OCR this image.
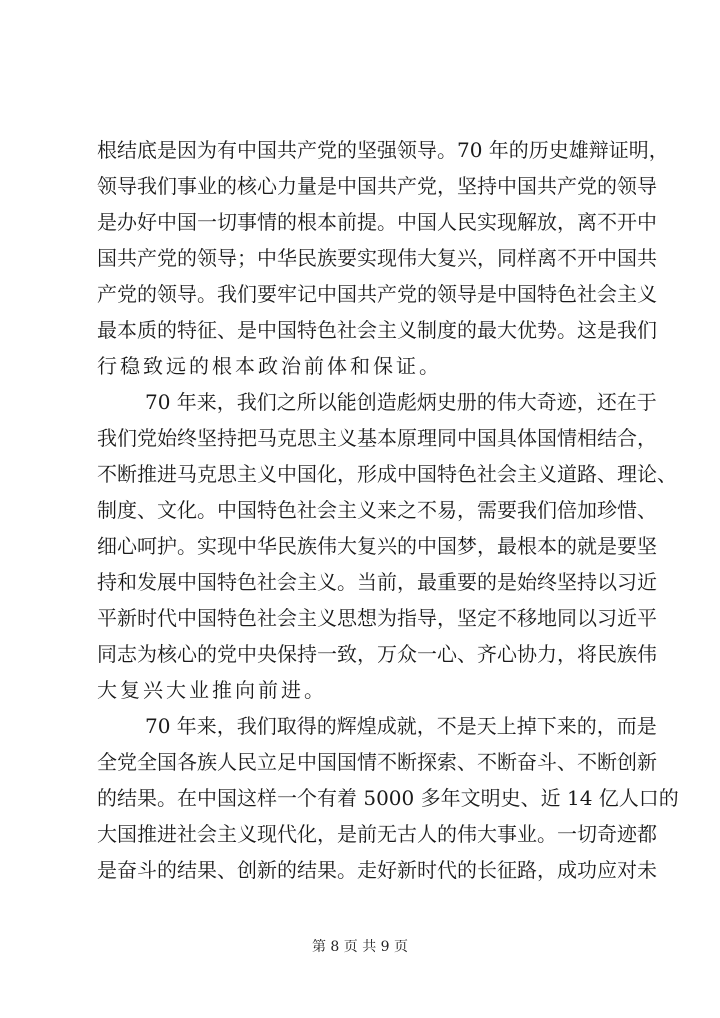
根结底是因为有中国共产党的坚强领导。70 年的历史雄辩证明，
领导我们事业的核心力量是中国共产党，坚持中国共产党的领导
是办好中国一切事情的根本前提。中国人民实现解放，离不开中
国共产党的领导；中华民族要实现伟大复兴，同样离不开中国共
产党的领导。我们要牢记中国共产党的领导是中国特色社会主义
最本质的特征、是中国特色社会主义制度的最大优势。这是我们
行稳致远的根本政治前体和保证。
70 年来，我们之所以能创造彪炳史册的伟大奇迹，还在于
我们党始终坚持把马克思主义基本原理同中国具体国情相结合，
不断推进马克思主义中国化，形成中国特色社会主义道路、理论、
制度、文化。中国特色社会主义来之不易，需要我们倍加珍惜、
细心呵护。实现中华民族伟大复兴的中国梦，最根本的就是要坚
持和发展中国特色社会主义。当前，最重要的是始终坚持以习近
平新时代中国特色社会主义思想为指导，坚定不移地同以习近平
同志为核心的党中央保持一致，万众一心、齐心协力，将民族伟
大复兴大业推向前进。
70 年来，我们取得的辉煌成就，不是天上掉下来的，而是
全党全国各族人民立足中国国情不断探索、不断奋斗、不断创新
的结果。在中国这样一个有着 5000 多年文明史、近 14 亿人口的
大国推进社会主义现代化，是前无古人的伟大事业。一切奇迹都
是奋斗的结果、创新的结果。走好新时代的长征路，成功应对未
第 8 页 共 9 页
